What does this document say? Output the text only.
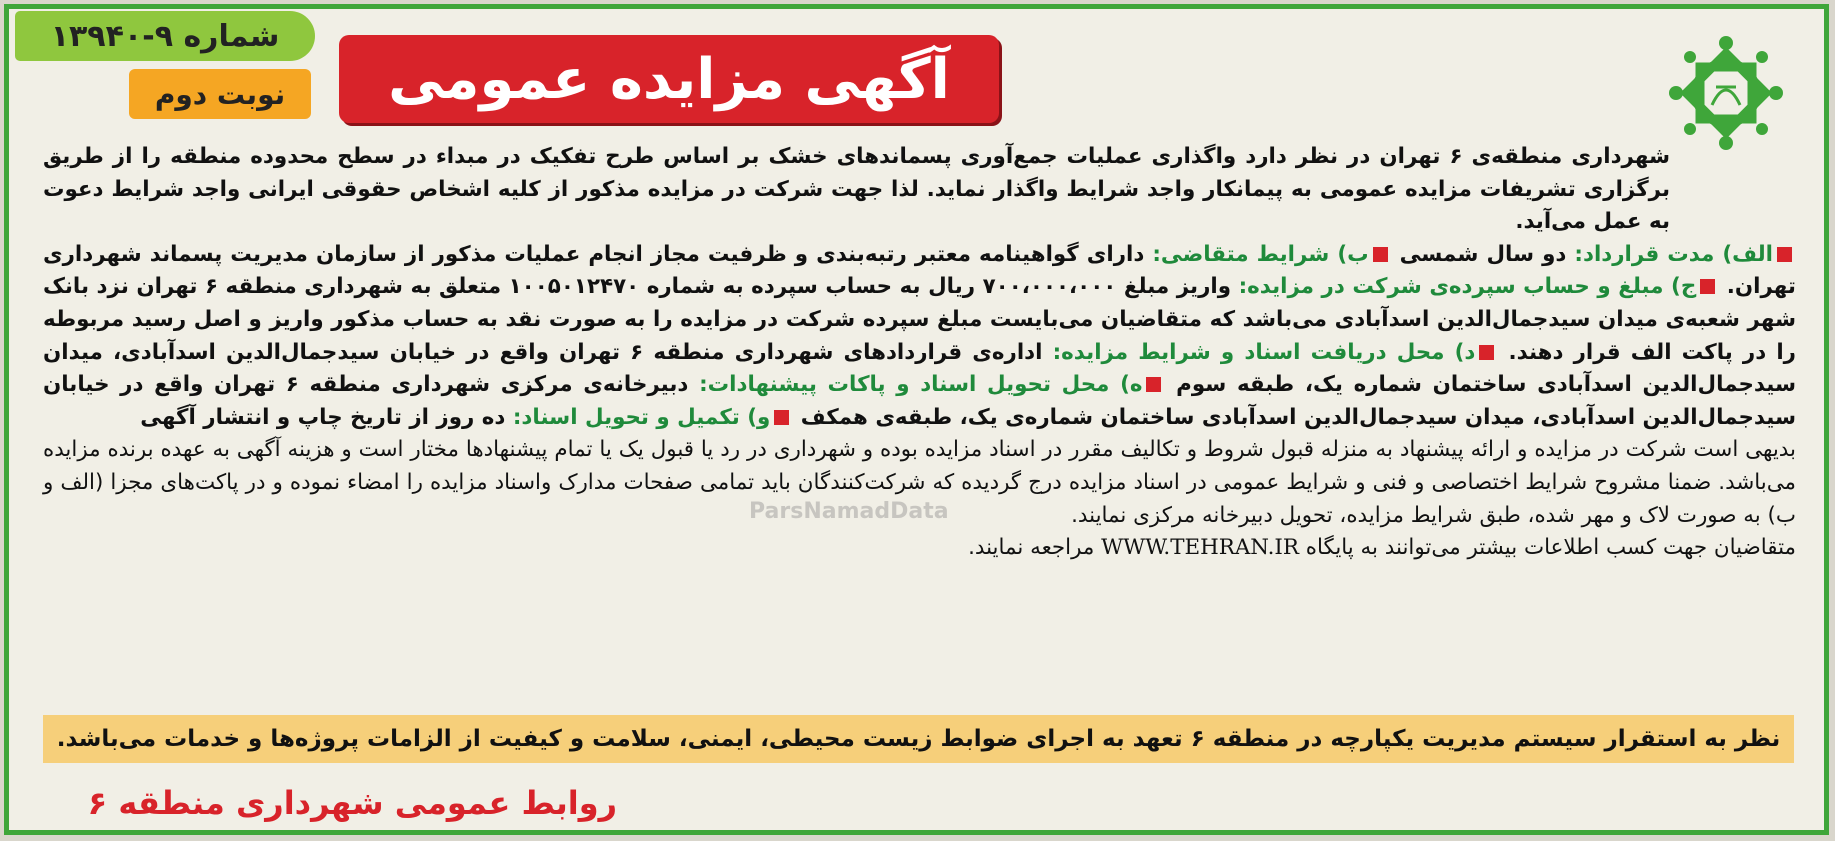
شماره ۹-۱۳۹۴۰
نوبت دوم آگهی مزایده عمومی

شهرداری منطقه‌ی ۶ تهران در نظر دارد واگذاری عملیات جمع‌آوری پسماندهای خشک بر اساس طرح تفکیک در مبداء در سطح محدوده منطقه را از طریق برگزاری تشریفات مزایده عمومی به پیمانکار واجد شرایط واگذار نماید. لذا جهت شرکت در مزایده مذکور از کلیه اشخاص حقوقی ایرانی واجد شرایط دعوت به عمل می‌آید.

الف) مدت قرارداد: دو سال شمسی ب) شرایط متقاضی: دارای گواهینامه معتبر رتبه‌بندی و ظرفیت مجاز انجام عملیات مذکور از سازمان مدیریت پسماند شهرداری تهران. ج) مبلغ و حساب سپرده‌ی شرکت در مزایده: واریز مبلغ ۷۰۰،۰۰۰،۰۰۰ ریال به حساب سپرده به شماره ۱۰۰۵۰۱۲۴۷۰ متعلق به شهرداری منطقه ۶ تهران نزد بانک شهر شعبه‌ی میدان سیدجمال‌الدین اسدآبادی می‌باشد که متقاضیان می‌بایست مبلغ سپرده شرکت در مزایده را به صورت نقد به حساب مذکور واریز و اصل رسید مربوطه را در پاکت الف قرار دهند. د) محل دریافت اسناد و شرایط مزایده: اداره‌ی قراردادهای شهرداری منطقه ۶ تهران واقع در خیابان سیدجمال‌الدین اسدآبادی، میدان سیدجمال‌الدین اسدآبادی ساختمان شماره یک، طبقه سوم ه) محل تحویل اسناد و پاکات پیشنهادات: دبیرخانه‌ی مرکزی شهرداری منطقه ۶ تهران واقع در خیابان سیدجمال‌الدین اسدآبادی، میدان سیدجمال‌الدین اسدآبادی ساختمان شماره‌ی یک، طبقه‌ی همکف و) تکمیل و تحویل اسناد: ده روز از تاریخ چاپ و انتشار آگهی

بدیهی است شرکت در مزایده و ارائه پیشنهاد به منزله قبول شروط و تکالیف مقرر در اسناد مزایده بوده و شهرداری در رد یا قبول یک یا تمام پیشنهادها مختار است و هزینه آگهی به عهده برنده مزایده می‌باشد. ضمنا مشروح شرایط اختصاصی و فنی و شرایط عمومی در اسناد مزایده درج گردیده که شرکت‌کنندگان باید تمامی صفحات مدارک واسناد مزایده را امضاء نموده و در پاکت‌های مجزا (الف و ب) به صورت لاک و مهر شده، طبق شرایط مزایده، تحویل دبیرخانه مرکزی نمایند.

متقاضیان جهت کسب اطلاعات بیشتر می‌توانند به پایگاه WWW.TEHRAN.IR مراجعه نمایند.

نظر به استقرار سیستم مدیریت یکپارچه در منطقه ۶ تعهد به اجرای ضوابط زیست محیطی، ایمنی، سلامت و کیفیت از الزامات پروژه‌ها و خدمات می‌باشد.
روابط عمومی شهرداری منطقه ۶
ParsNamadData
